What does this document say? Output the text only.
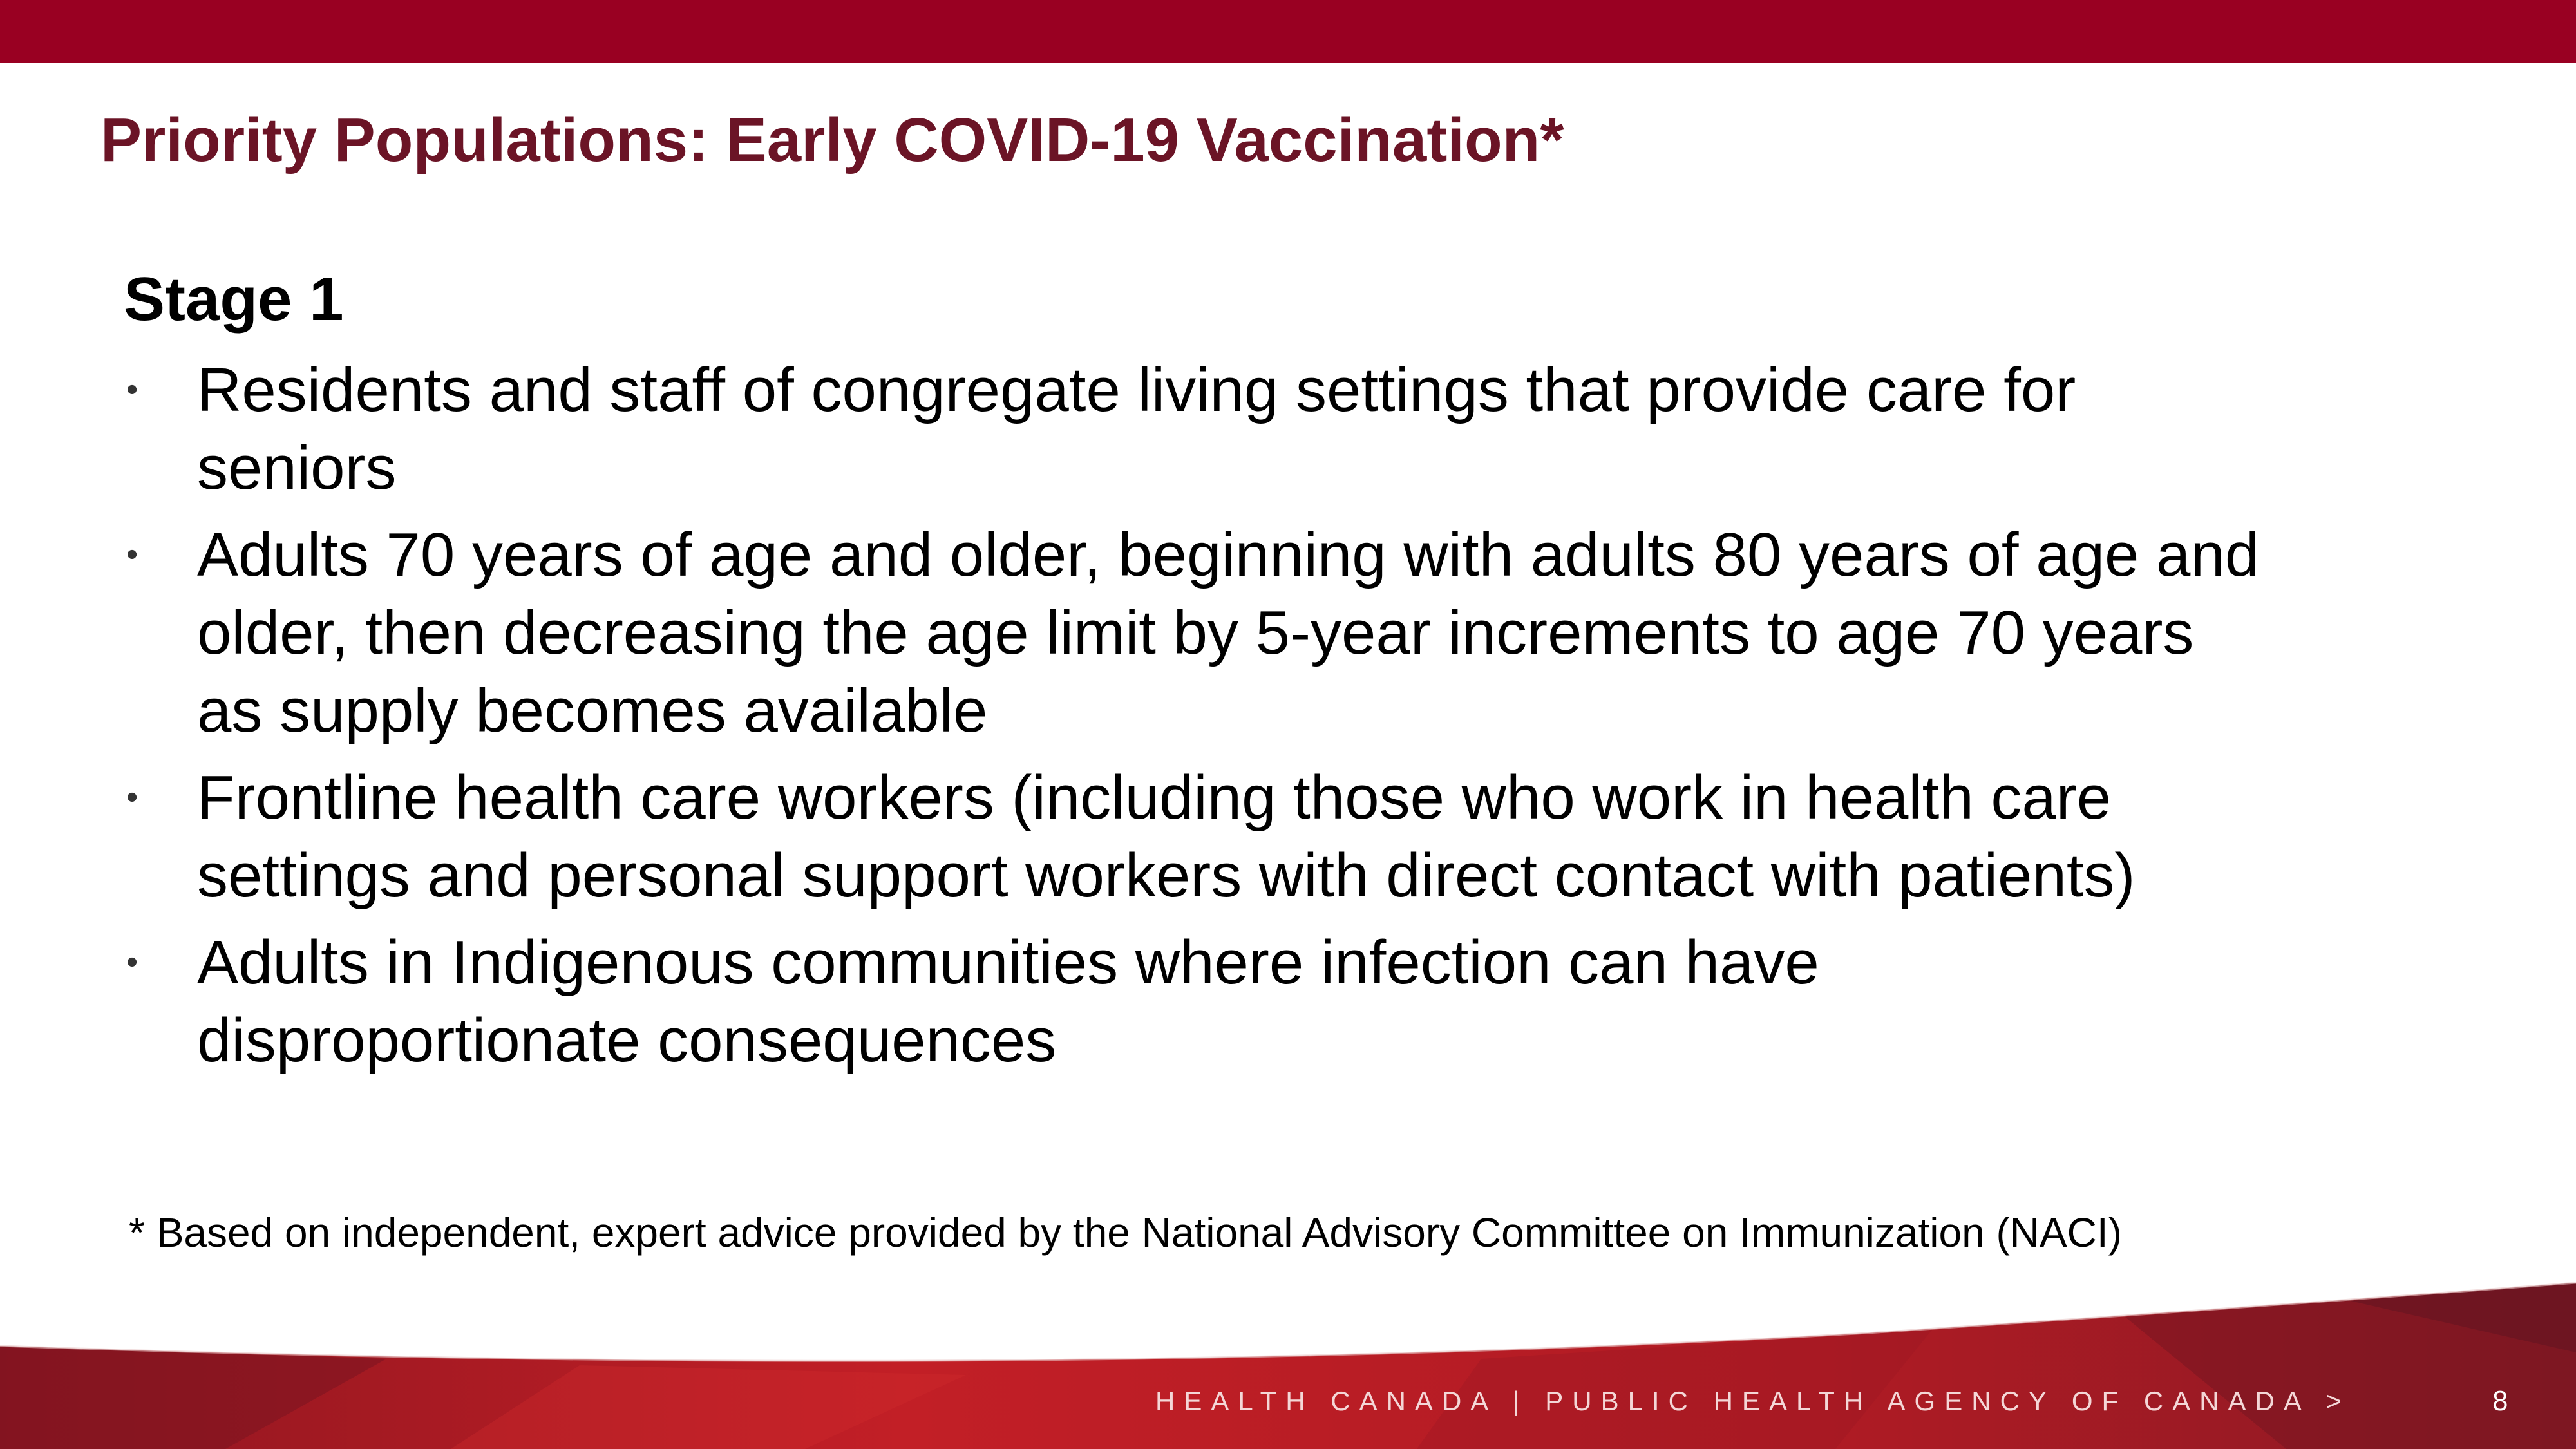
Priority Populations: Early COVID-19 Vaccination*
Stage 1
• Residents and staff of congregate living settings that provide care for
seniors
• Adults 70 years of age and older, beginning with adults 80 years of age and
older, then decreasing the age limit by 5-year increments to age 70 years
as supply becomes available
• Frontline health care workers (including those who work in health care
settings and personal support workers with direct contact with patients)
• Adults in Indigenous communities where infection can have
disproportionate consequences

* Based on independent, expert advice provided by the National Advisory Committee on Immunization (NACI)

HEALTH CANADA | PUBLIC HEALTH AGENCY OF CANADA >	8
